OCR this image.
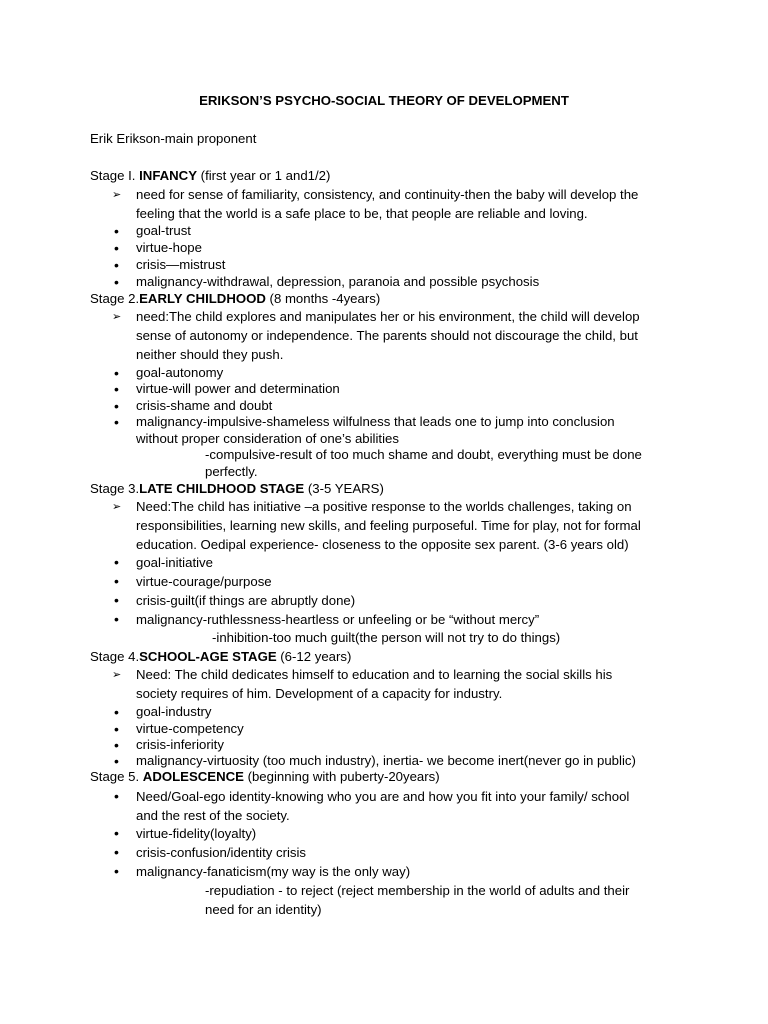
ERIKSON’S PSYCHO-SOCIAL THEORY OF DEVELOPMENT
Erik Erikson-main proponent
Stage I. INFANCY (first year or 1 and1/2)
➢ need for sense of familiarity, consistency, and continuity-then the baby will develop the
feeling that the world is a safe place to be, that people are reliable and loving.
• goal-trust
• virtue-hope
• crisis—mistrust
• malignancy-withdrawal, depression, paranoia and possible psychosis
Stage 2.EARLY CHILDHOOD (8 months -4years)
➢ need:The child explores and manipulates her or his environment, the child will develop
sense of autonomy or independence. The parents should not discourage the child, but
neither should they push.
• goal-autonomy
• virtue-will power and determination
• crisis-shame and doubt
• malignancy-impulsive-shameless wilfulness that leads one to jump into conclusion
without proper consideration of one’s abilities
-compulsive-result of too much shame and doubt, everything must be done
perfectly.
Stage 3.LATE CHILDHOOD STAGE (3-5 YEARS)
➢ Need:The child has initiative –a positive response to the worlds challenges, taking on
responsibilities, learning new skills, and feeling purposeful. Time for play, not for formal
education. Oedipal experience- closeness to the opposite sex parent. (3-6 years old)
• goal-initiative
• virtue-courage/purpose
• crisis-guilt(if things are abruptly done)
• malignancy-ruthlessness-heartless or unfeeling or be “without mercy”
-inhibition-too much guilt(the person will not try to do things)
Stage 4.SCHOOL-AGE STAGE (6-12 years)
➢ Need: The child dedicates himself to education and to learning the social skills his
society requires of him. Development of a capacity for industry.
• goal-industry
• virtue-competency
• crisis-inferiority
• malignancy-virtuosity (too much industry), inertia- we become inert(never go in public)
Stage 5. ADOLESCENCE (beginning with puberty-20years)
• Need/Goal-ego identity-knowing who you are and how you fit into your family/ school
and the rest of the society.
• virtue-fidelity(loyalty)
• crisis-confusion/identity crisis
• malignancy-fanaticism(my way is the only way)
-repudiation - to reject (reject membership in the world of adults and their
need for an identity)
